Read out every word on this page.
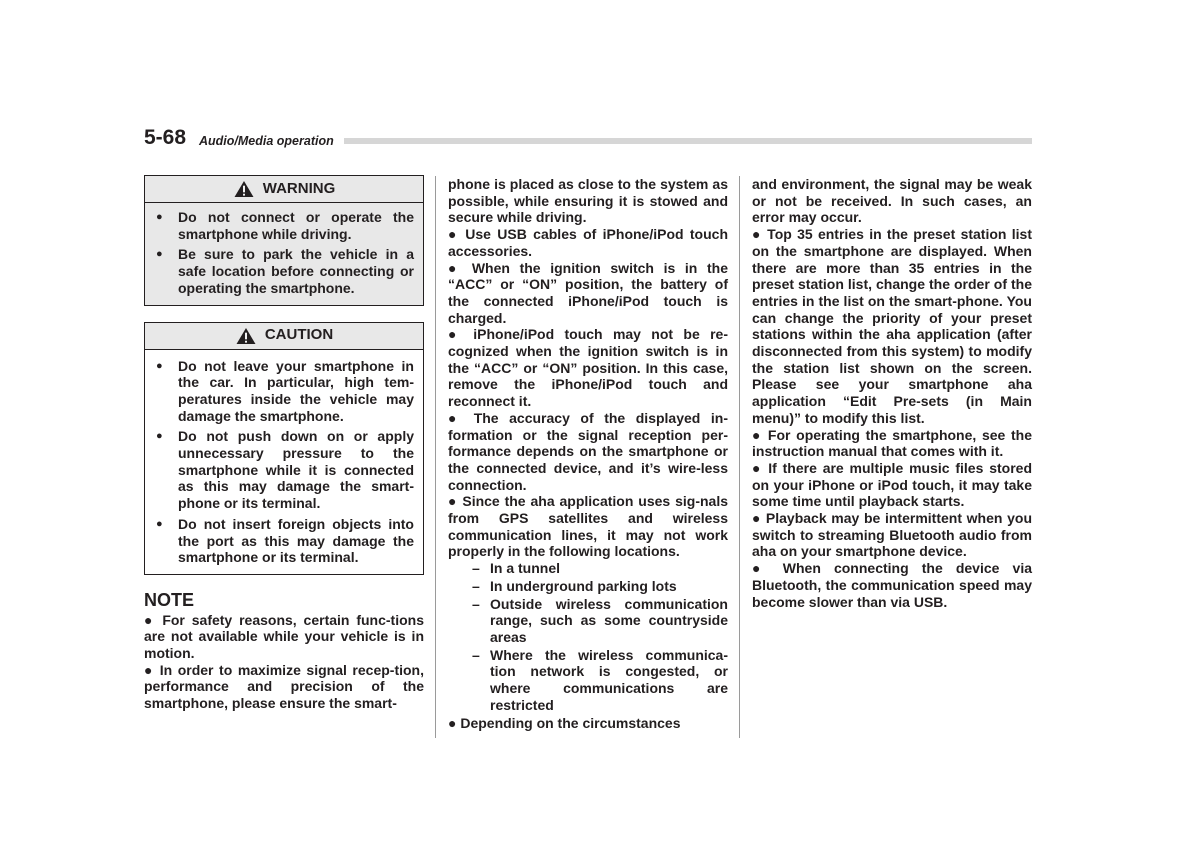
5-68 Audio/Media operation
WARNING
●	Do not connect or operate the smartphone while driving.
●	Be sure to park the vehicle in a safe location before connecting or operating the smartphone.
CAUTION
●	Do not leave your smartphone in the car. In particular, high tem-peratures inside the vehicle may damage the smartphone.
●	Do not push down on or apply unnecessary pressure to the smartphone while it is connected as this may damage the smart-phone or its terminal.
●	Do not insert foreign objects into the port as this may damage the smartphone or its terminal.
NOTE

● For safety reasons, certain func-tions are not available while your vehicle is in motion.

● In order to maximize signal recep-tion, performance and precision of the smartphone, please ensure the smart-

phone is placed as close to the system as possible, while ensuring it is stowed and secure while driving.

● Use USB cables of iPhone/iPod touch accessories.

● When the ignition switch is in the “ACC” or “ON” position, the battery of the connected iPhone/iPod touch is charged.

● iPhone/iPod touch may not be re-cognized when the ignition switch is in the “ACC” or “ON” position. In this case, remove the iPhone/iPod touch and reconnect it.

● The accuracy of the displayed in-formation or the signal reception per-formance depends on the smartphone or the connected device, and it’s wire-less connection.

● Since the aha application uses sig-nals from GPS satellites and wireless communication lines, it may not work properly in the following locations.

– In a tunnel
– In underground parking lots
– Outside wireless communication range, such as some countryside areas
– Where the wireless communica-tion network is congested, or where communications are restricted

● Depending on the circumstances

and environment, the signal may be weak or not be received. In such cases, an error may occur.

● Top 35 entries in the preset station list on the smartphone are displayed. When there are more than 35 entries in the preset station list, change the order of the entries in the list on the smart-phone. You can change the priority of your preset stations within the aha application (after disconnected from this system) to modify the station list shown on the screen. Please see your smartphone aha application “Edit Pre-sets (in Main menu)” to modify this list.

● For operating the smartphone, see the instruction manual that comes with it.

● If there are multiple music files stored on your iPhone or iPod touch, it may take some time until playback starts.

● Playback may be intermittent when you switch to streaming Bluetooth audio from aha on your smartphone device.

● When connecting the device via Bluetooth, the communication speed may become slower than via USB.
